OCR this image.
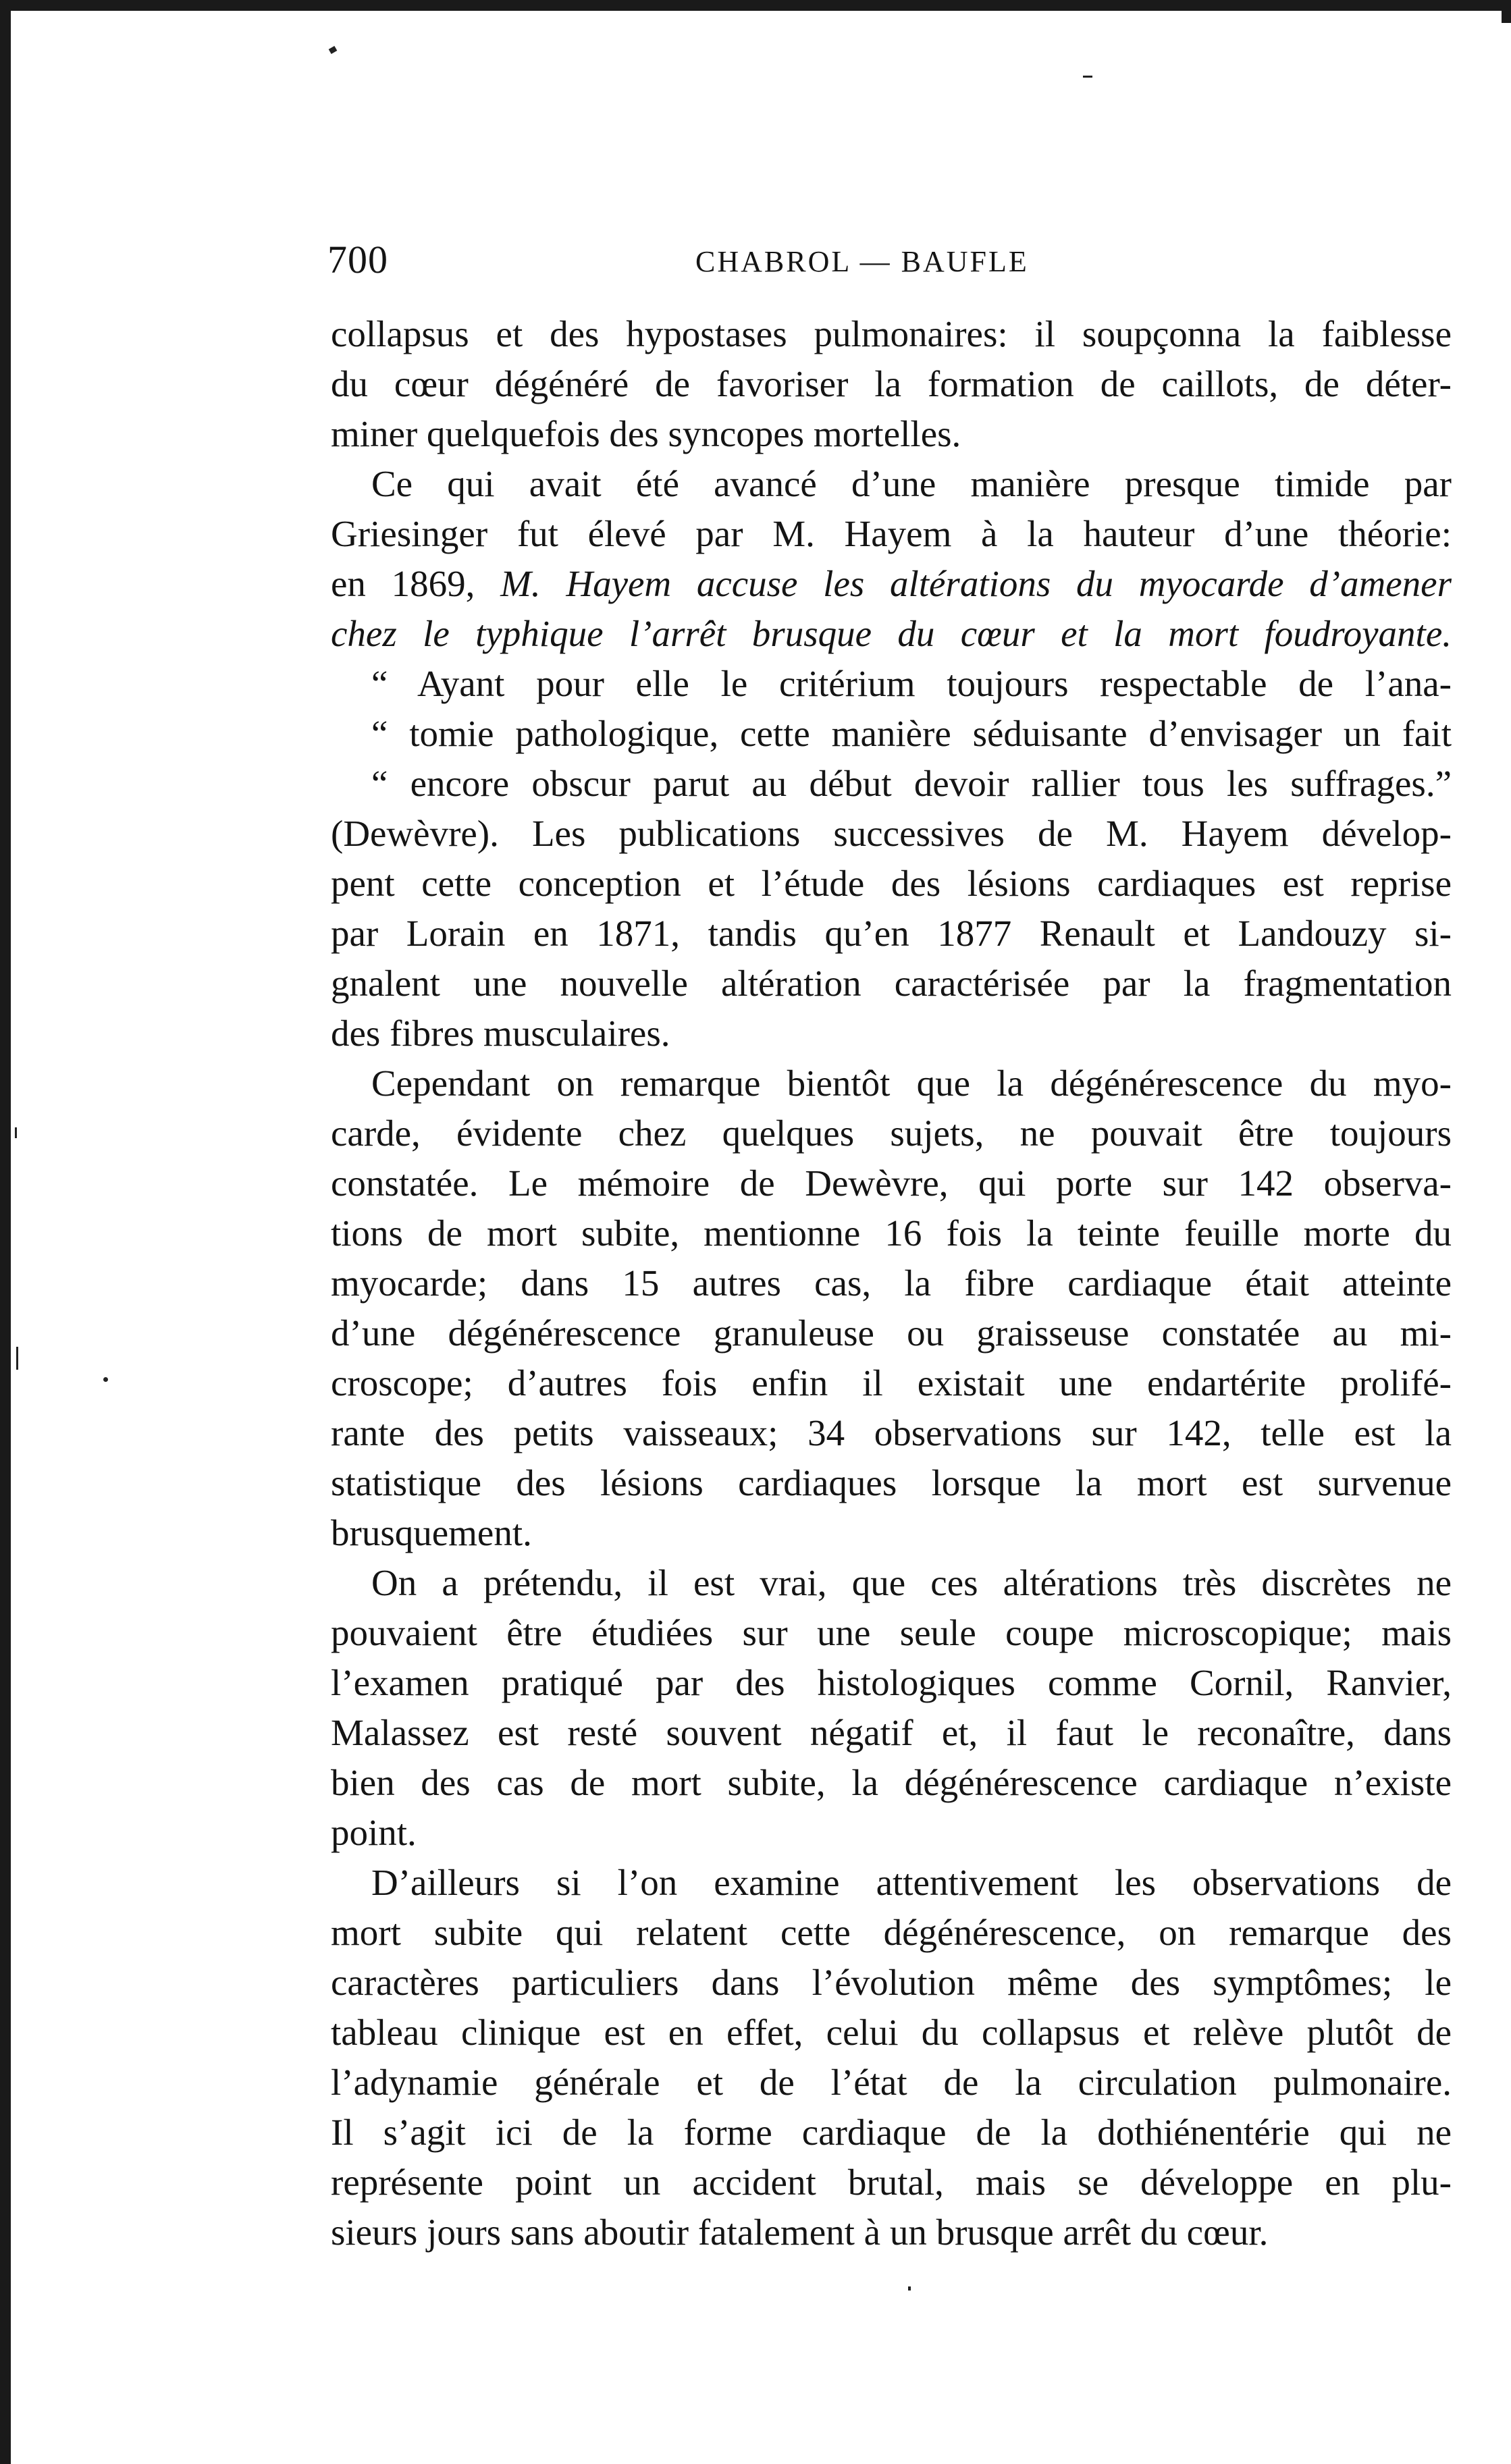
700	CHABROL — BAUFLE
collapsus et des hypostases pulmonaires: il soupçonna la faiblesse
du cœur dégénéré de favoriser la formation de caillots, de déter-
miner quelquefois des syncopes mortelles.
Ce qui avait été avancé d’une manière presque timide par
Griesinger fut élevé par M. Hayem à la hauteur d’une théorie:
en 1869, M. Hayem accuse les altérations du myocarde d’amener
chez le typhique l’arrêt brusque du cœur et la mort foudroyante.
“ Ayant pour elle le critérium toujours respectable de l’ana-
“ tomie pathologique, cette manière séduisante d’envisager un fait
“ encore obscur parut au début devoir rallier tous les suffrages.”
(Dewèvre). Les publications successives de M. Hayem dévelop-
pent cette conception et l’étude des lésions cardiaques est reprise
par Lorain en 1871, tandis qu’en 1877 Renault et Landouzy si-
gnalent une nouvelle altération caractérisée par la fragmentation
des fibres musculaires.
Cependant on remarque bientôt que la dégénérescence du myo-
carde, évidente chez quelques sujets, ne pouvait être toujours
constatée. Le mémoire de Dewèvre, qui porte sur 142 observa-
tions de mort subite, mentionne 16 fois la teinte feuille morte du
myocarde; dans 15 autres cas, la fibre cardiaque était atteinte
d’une dégénérescence granuleuse ou graisseuse constatée au mi-
croscope; d’autres fois enfin il existait une endartérite prolifé-
rante des petits vaisseaux; 34 observations sur 142, telle est la
statistique des lésions cardiaques lorsque la mort est survenue
brusquement.
On a prétendu, il est vrai, que ces altérations très discrètes ne
pouvaient être étudiées sur une seule coupe microscopique; mais
l’examen pratiqué par des histologiques comme Cornil, Ranvier,
Malassez est resté souvent négatif et, il faut le reconaître, dans
bien des cas de mort subite, la dégénérescence cardiaque n’existe
point.
D’ailleurs si l’on examine attentivement les observations de
mort subite qui relatent cette dégénérescence, on remarque des
caractères particuliers dans l’évolution même des symptômes; le
tableau clinique est en effet, celui du collapsus et relève plutôt de
l’adynamie générale et de l’état de la circulation pulmonaire.
Il s’agit ici de la forme cardiaque de la dothiénentérie qui ne
représente point un accident brutal, mais se développe en plu-
sieurs jours sans aboutir fatalement à un brusque arrêt du cœur.
